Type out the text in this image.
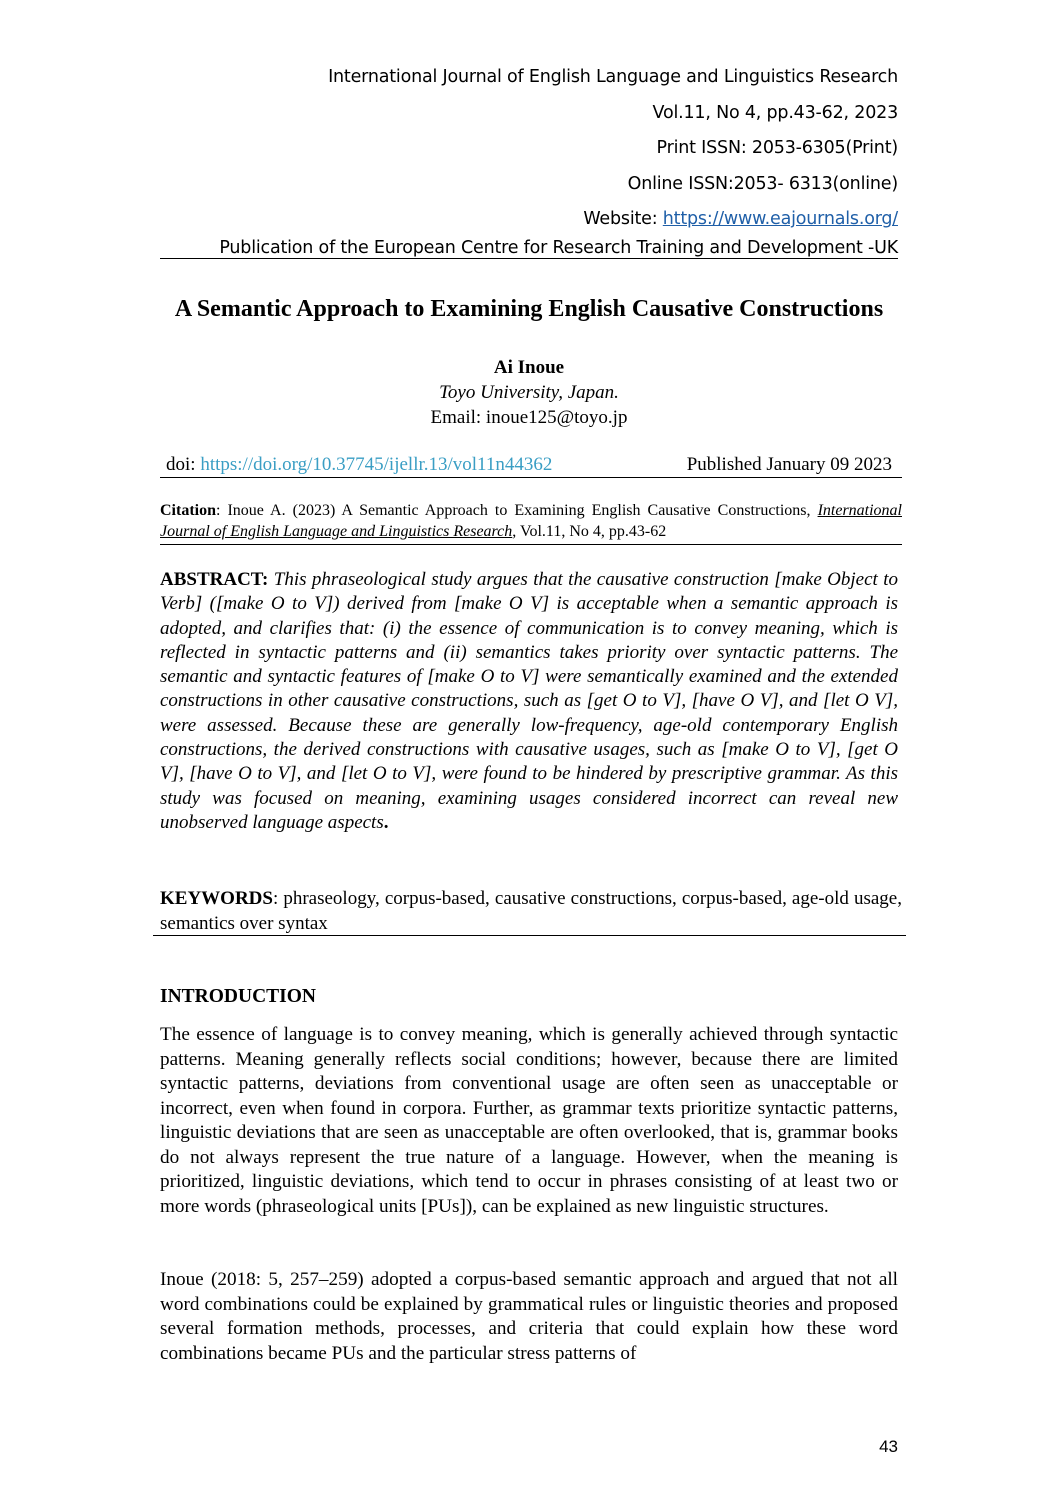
International Journal of English Language and Linguistics Research
Vol.11, No 4, pp.43-62, 2023
Print ISSN: 2053-6305(Print)
Online ISSN:2053- 6313(online)
Website: https://www.eajournals.org/
Publication of the European Centre for Research Training and Development -UK
A Semantic Approach to Examining English Causative Constructions
Ai Inoue
Toyo University, Japan.
Email: inoue125@toyo.jp
doi: https://doi.org/10.37745/ijellr.13/vol11n44362	Published January 09 2023
Citation: Inoue A. (2023) A Semantic Approach to Examining English Causative Constructions, International Journal of English Language and Linguistics Research, Vol.11, No 4, pp.43-62
ABSTRACT: This phraseological study argues that the causative construction [make Object to Verb] ([make O to V]) derived from [make O V] is acceptable when a semantic approach is adopted, and clarifies that: (i) the essence of communication is to convey meaning, which is reflected in syntactic patterns and (ii) semantics takes priority over syntactic patterns. The semantic and syntactic features of [make O to V] were semantically examined and the extended constructions in other causative constructions, such as [get O to V], [have O V], and [let O V], were assessed. Because these are generally low-frequency, age-old contemporary English constructions, the derived constructions with causative usages, such as [make O to V], [get O V], [have O to V], and [let O to V], were found to be hindered by prescriptive grammar. As this study was focused on meaning, examining usages considered incorrect can reveal new unobserved language aspects.
KEYWORDS: phraseology, corpus-based, causative constructions, corpus-based, age-old usage, semantics over syntax
INTRODUCTION
The essence of language is to convey meaning, which is generally achieved through syntactic patterns. Meaning generally reflects social conditions; however, because there are limited syntactic patterns, deviations from conventional usage are often seen as unacceptable or incorrect, even when found in corpora. Further, as grammar texts prioritize syntactic patterns, linguistic deviations that are seen as unacceptable are often overlooked, that is, grammar books do not always represent the true nature of a language. However, when the meaning is prioritized, linguistic deviations, which tend to occur in phrases consisting of at least two or more words (phraseological units [PUs]), can be explained as new linguistic structures.
Inoue (2018: 5, 257–259) adopted a corpus-based semantic approach and argued that not all word combinations could be explained by grammatical rules or linguistic theories and proposed several formation methods, processes, and criteria that could explain how these word combinations became PUs and the particular stress patterns of
43
